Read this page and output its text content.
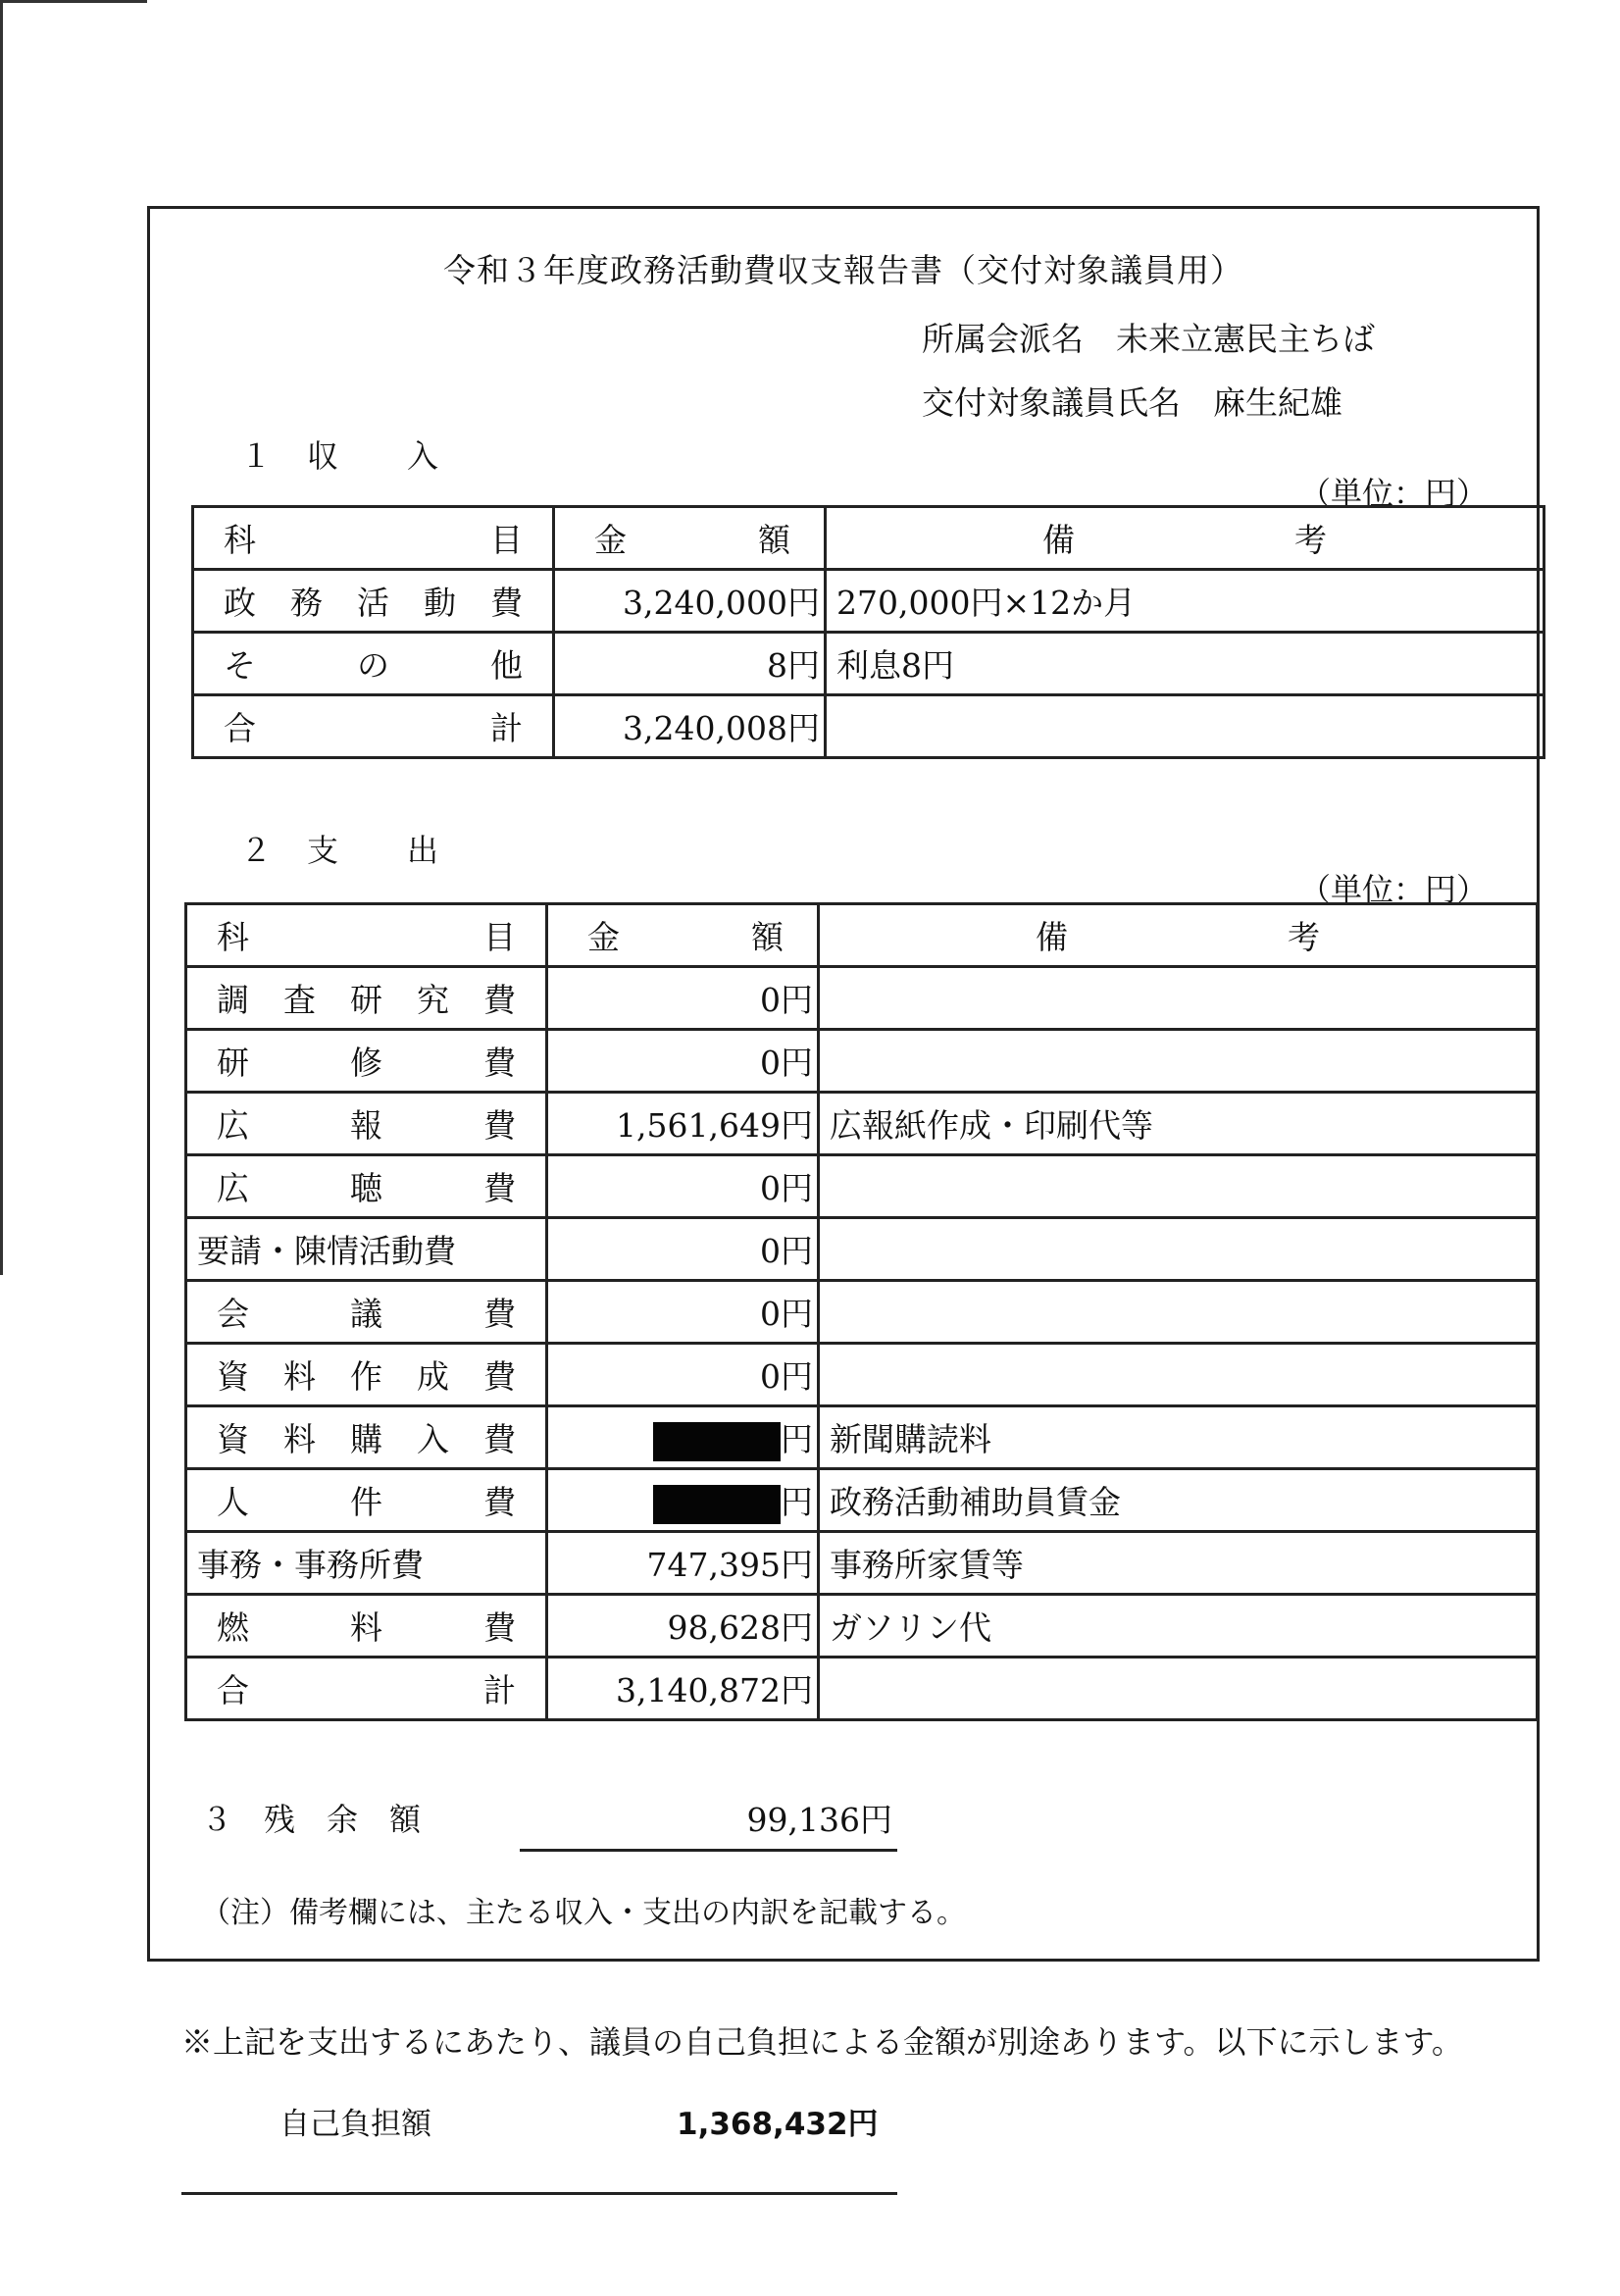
令和３年度政務活動費収支報告書（交付対象議員用）
所属会派名　 未来立憲民主ちば
交付対象議員氏名　 麻生紀雄
１　 収　　入
（単位：円）
科 目	金 額	備 考

政 務 活 動 費	3,240,000円	270,000円×12か月

そ の 他	8円	利息8円

合 計	3,240,008円	
２　 支　　出
（単位：円）
科 目	金 額	備 考

調 査 研 究 費	0円	

研 修 費	0円	

広 報 費	1,561,649円	広報紙作成・印刷代等

広 聴 費	0円	

要請・陳情活動費	0円	

会 議 費	0円	

資 料 作 成 費	0円	

資 料 購 入 費	円	新聞購読料

人 件 費	円	政務活動補助員賃金

事務・事務所費	747,395円	事務所家賃等

燃 料 費	98,628円	ガソリン代

合 計	3,140,872円	
３　残　余　額	99,136円
（注）備考欄には、主たる収入・支出の内訳を記載する。
※上記を支出するにあたり、議員の自己負担による金額が別途あります。以下に示します。
自己負担額	1,368,432円
